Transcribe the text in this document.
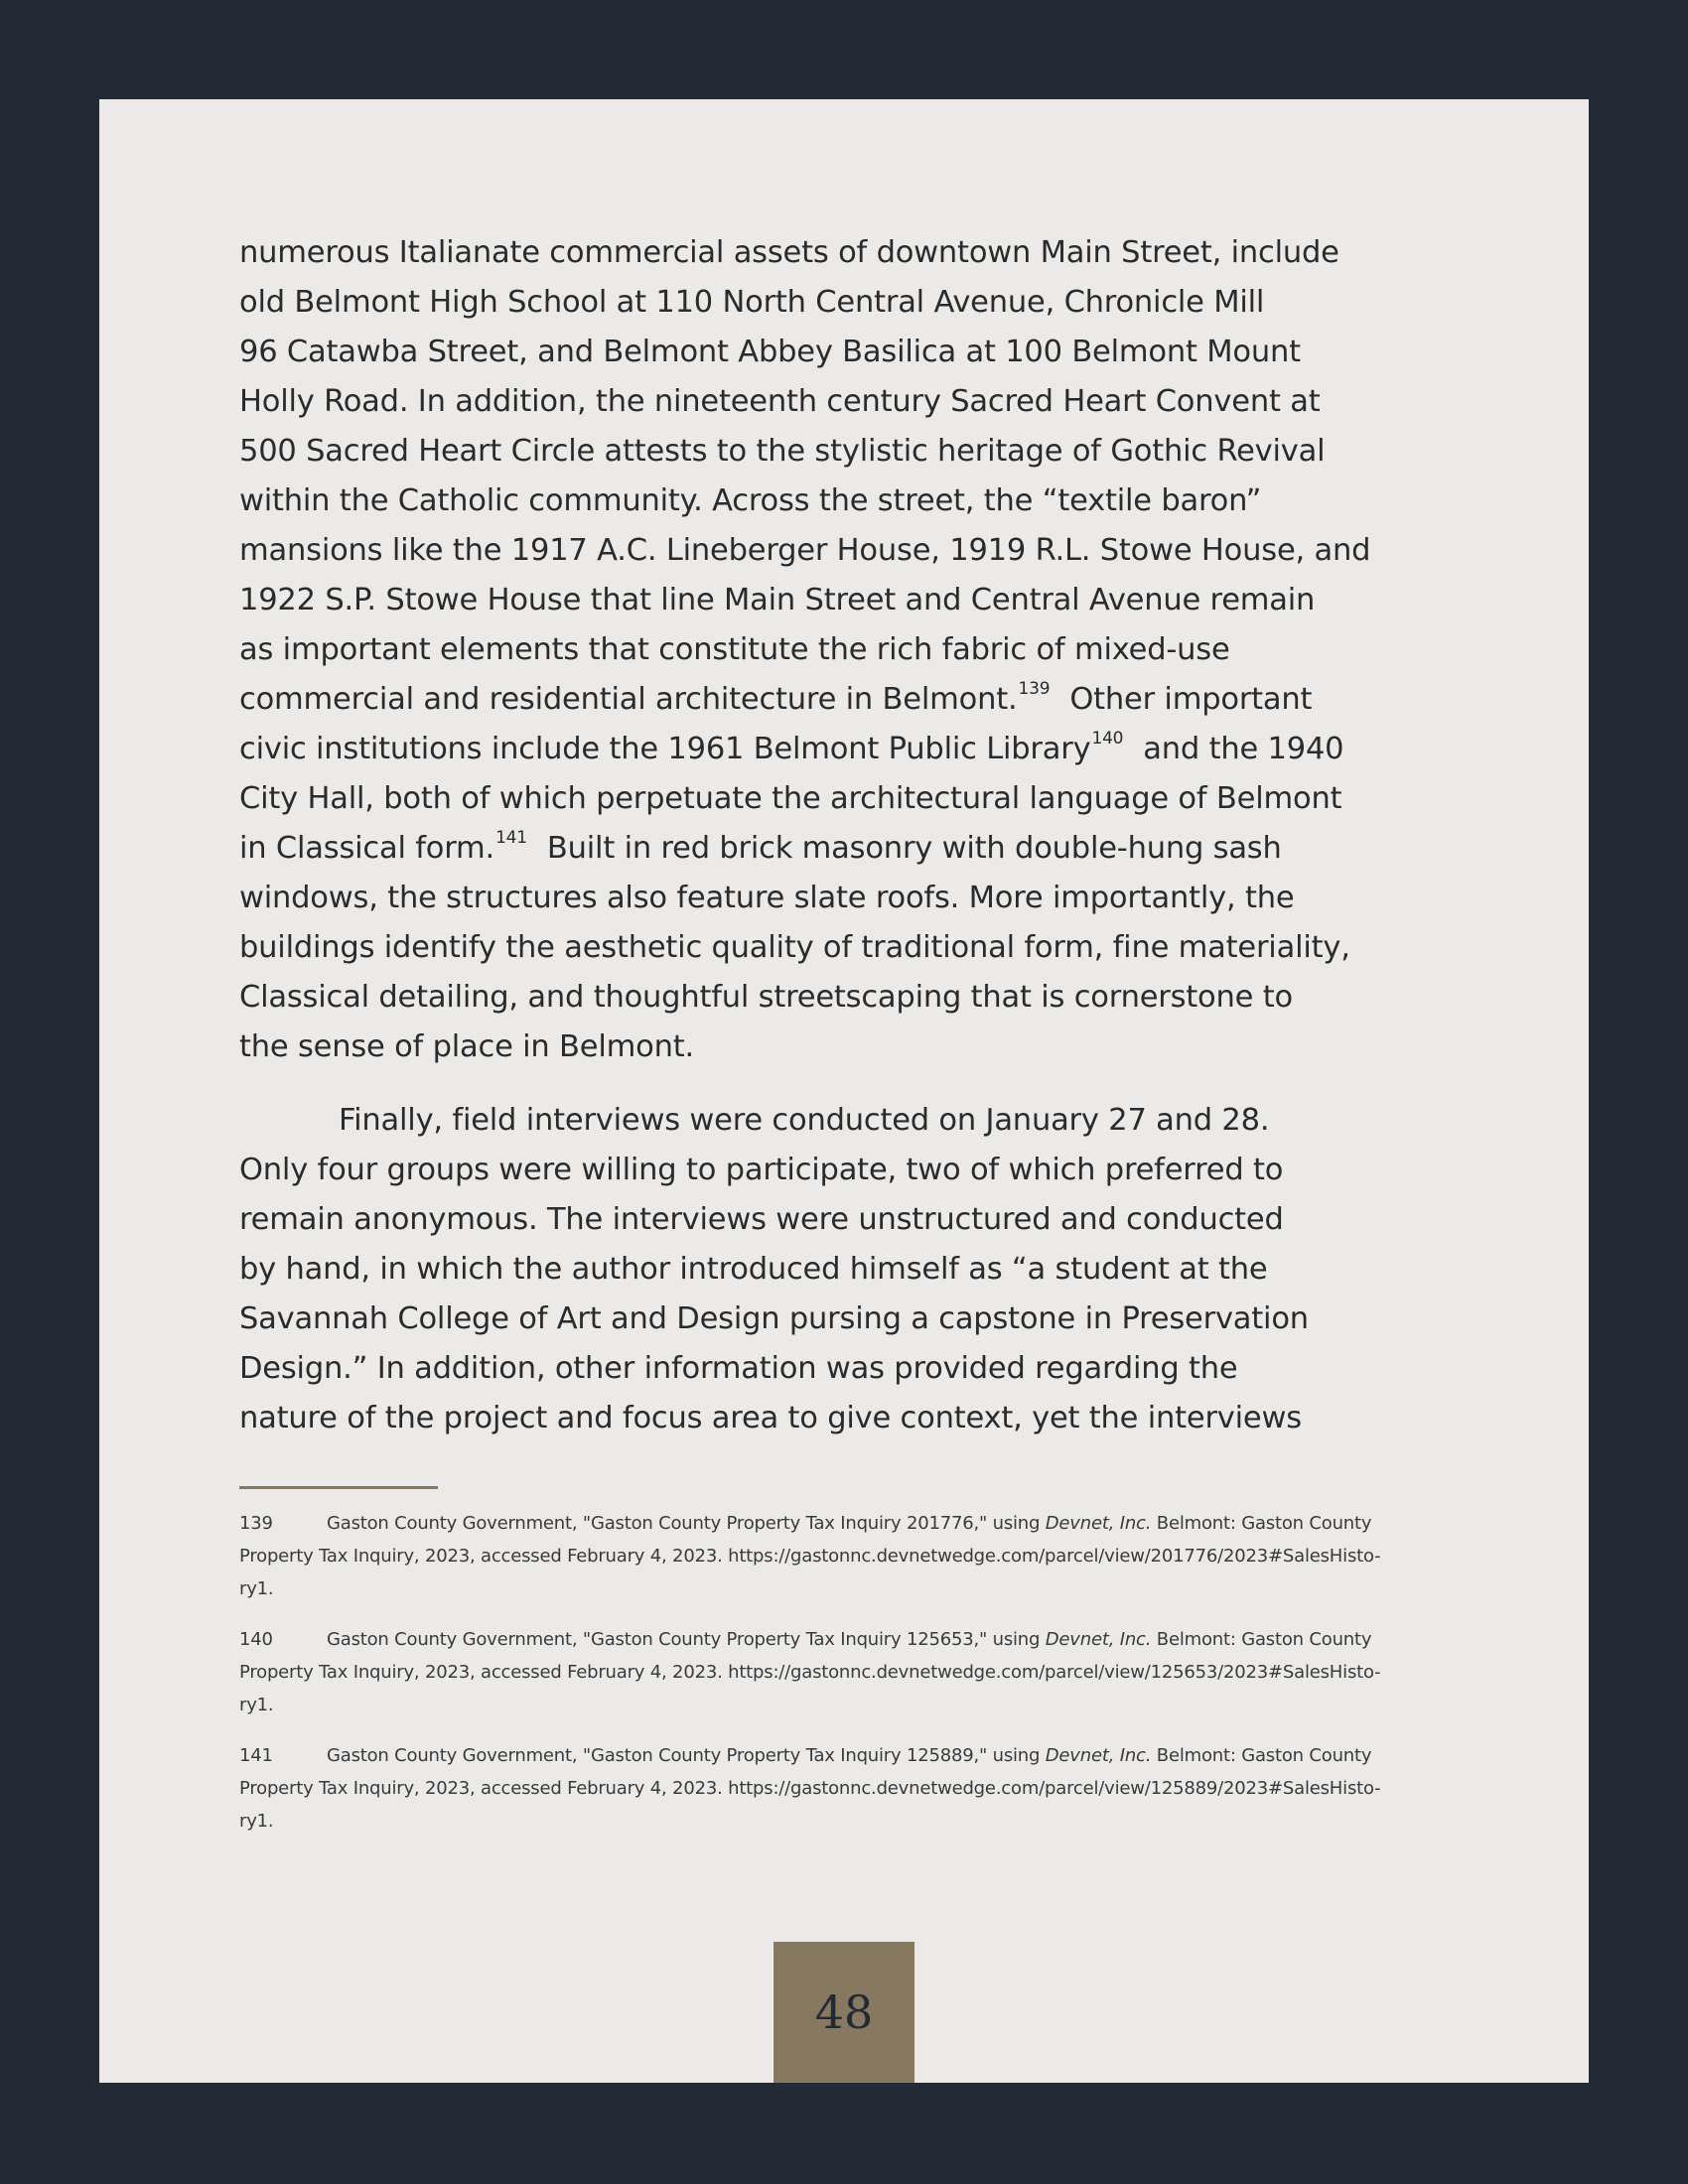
numerous Italianate commercial assets of downtown Main Street, include
old Belmont High School at 110 North Central Avenue, Chronicle Mill
96 Catawba Street, and Belmont Abbey Basilica at 100 Belmont Mount
Holly Road. In addition, the nineteenth century Sacred Heart Convent at
500 Sacred Heart Circle attests to the stylistic heritage of Gothic Revival
within the Catholic community. Across the street, the “textile baron”
mansions like the 1917 A.C. Lineberger House, 1919 R.L. Stowe House, and
1922 S.P. Stowe House that line Main Street and Central Avenue remain
as important elements that constitute the rich fabric of mixed-use
commercial and residential architecture in Belmont.$^{139}$  Other important
civic institutions include the 1961 Belmont Public Library$^{140}$  and the 1940
City Hall, both of which perpetuate the architectural language of Belmont
in Classical form.$^{141}$  Built in red brick masonry with double-hung sash
windows, the structures also feature slate roofs. More importantly, the
buildings identify the aesthetic quality of traditional form, fine materiality,
Classical detailing, and thoughtful streetscaping that is cornerstone to
the sense of place in Belmont.

Finally, field interviews were conducted on January 27 and 28.
Only four groups were willing to participate, two of which preferred to
remain anonymous. The interviews were unstructured and conducted
by hand, in which the author introduced himself as “a student at the
Savannah College of Art and Design pursing a capstone in Preservation
Design.” In addition, other information was provided regarding the
nature of the project and focus area to give context, yet the interviews

139	Gaston County Government, "Gaston County Property Tax Inquiry 201776," using Devnet, Inc. Belmont: Gaston County
Property Tax Inquiry, 2023, accessed February 4, 2023. https://gastonnc.devnetwedge.com/parcel/view/201776/2023#SalesHisto-
ry1.
140	Gaston County Government, "Gaston County Property Tax Inquiry 125653," using Devnet, Inc. Belmont: Gaston County
Property Tax Inquiry, 2023, accessed February 4, 2023. https://gastonnc.devnetwedge.com/parcel/view/125653/2023#SalesHisto-
ry1.
141	Gaston County Government, "Gaston County Property Tax Inquiry 125889," using Devnet, Inc. Belmont: Gaston County
Property Tax Inquiry, 2023, accessed February 4, 2023. https://gastonnc.devnetwedge.com/parcel/view/125889/2023#SalesHisto-
ry1.
48
